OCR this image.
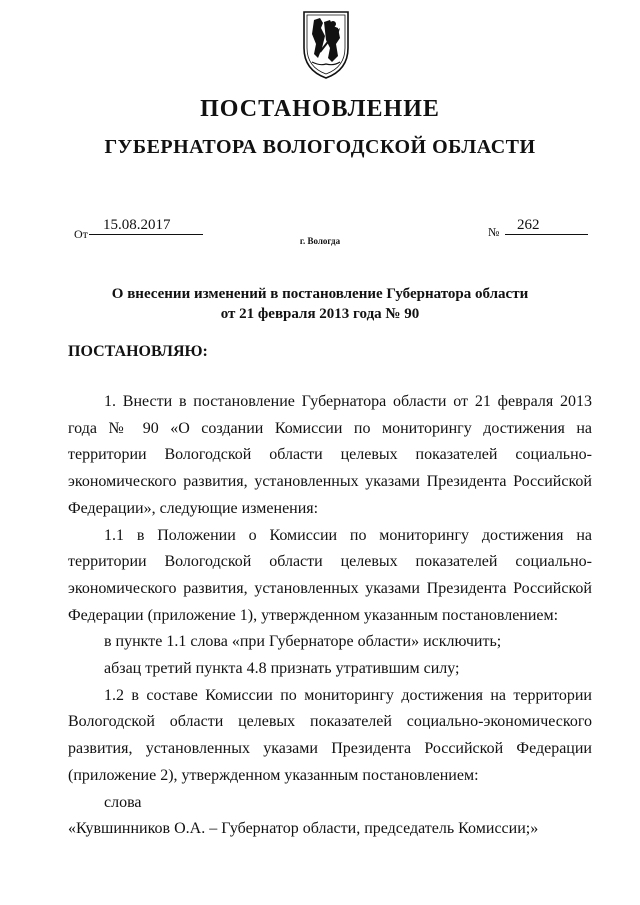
ПОСТАНОВЛЕНИЕ
ГУБЕРНАТОРА ВОЛОГОДСКОЙ ОБЛАСТИ
От
15.08.2017	№	262
г. Вологда
О внесении изменений в постановление Губернатора области
от 21 февраля 2013 года № 90
ПОСТАНОВЛЯЮ:

1. Внести в постановление Губернатора области от 21 февраля 2013 года № 90 «О создании Комиссии по мониторингу достижения на территории Вологодской области целевых показателей социально-экономического развития, установленных указами Президента Российской Федерации», следующие изменения:

1.1 в Положении о Комиссии по мониторингу достижения на территории Вологодской области целевых показателей социально-экономического развития, установленных указами Президента Российской Федерации (приложение 1), утвержденном указанным постановлением:

в пункте 1.1 слова «при Губернаторе области» исключить;

абзац третий пункта 4.8 признать утратившим силу;

1.2 в составе Комиссии по мониторингу достижения на территории Вологодской области целевых показателей социально-экономического развития, установленных указами Президента Российской Федерации (приложение 2), утвержденном указанным постановлением:

слова

«Кувшинников О.А. – Губернатор области, председатель Комиссии;»
